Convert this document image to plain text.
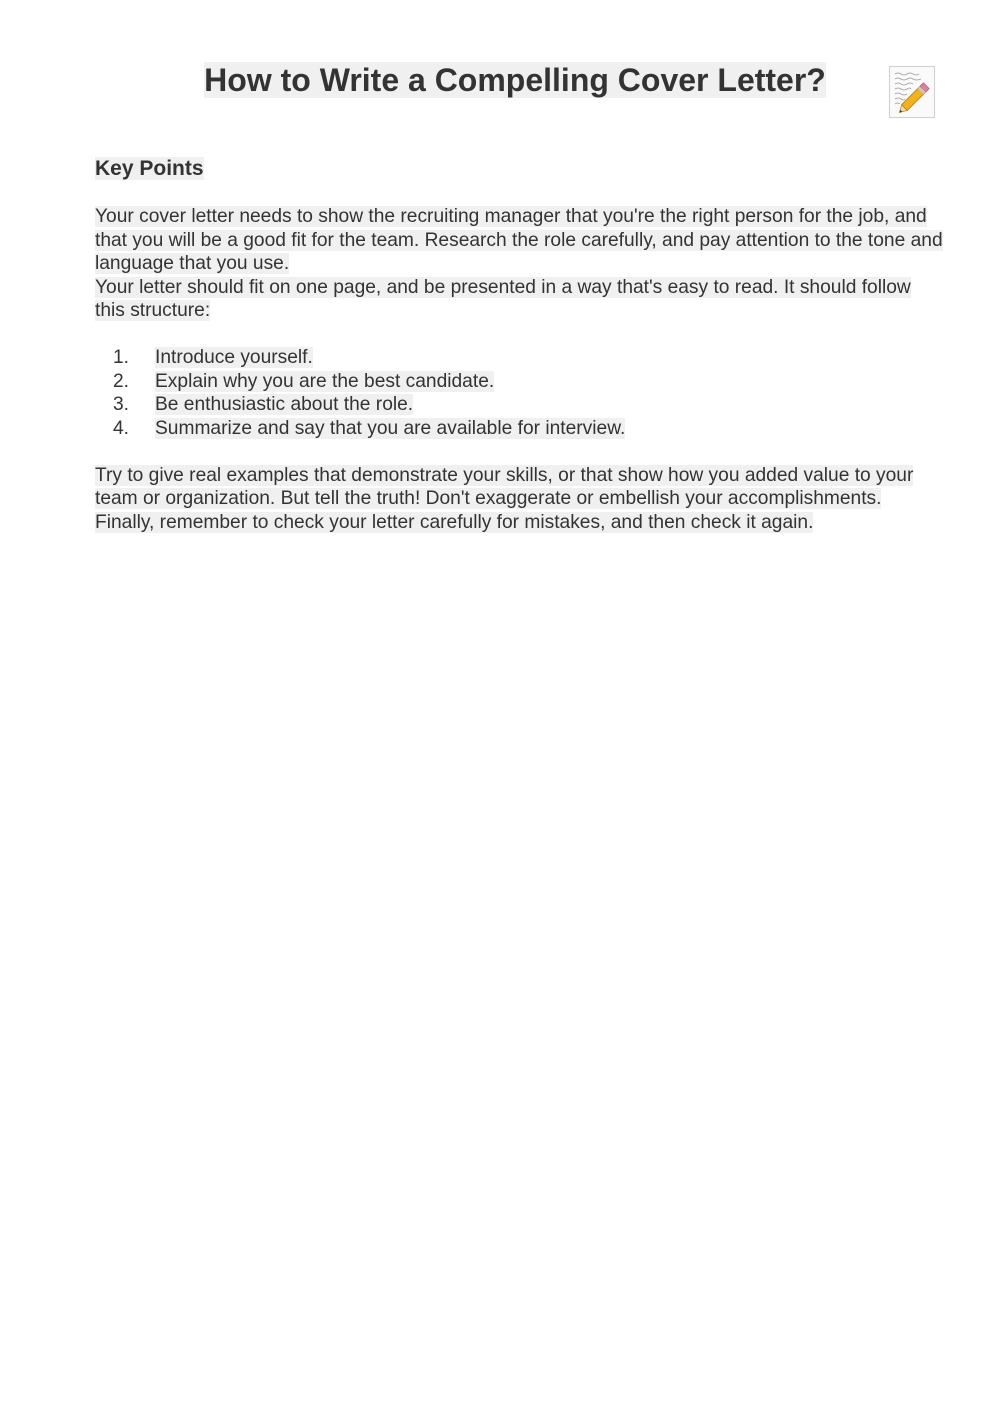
How to Write a Compelling Cover Letter?
Key Points

Your cover letter needs to show the recruiting manager that you're the right person for the job, and that you will be a good fit for the team. Research the role carefully, and pay attention to the tone and language that you use.

Your letter should fit on one page, and be presented in a way that's easy to read. It should follow this structure:

1. Introduce yourself.
2. Explain why you are the best candidate.
3. Be enthusiastic about the role.
4. Summarize and say that you are available for interview.

Try to give real examples that demonstrate your skills, or that show how you added value to your team or organization. But tell the truth! Don't exaggerate or embellish your accomplishments.

Finally, remember to check your letter carefully for mistakes, and then check it again.
